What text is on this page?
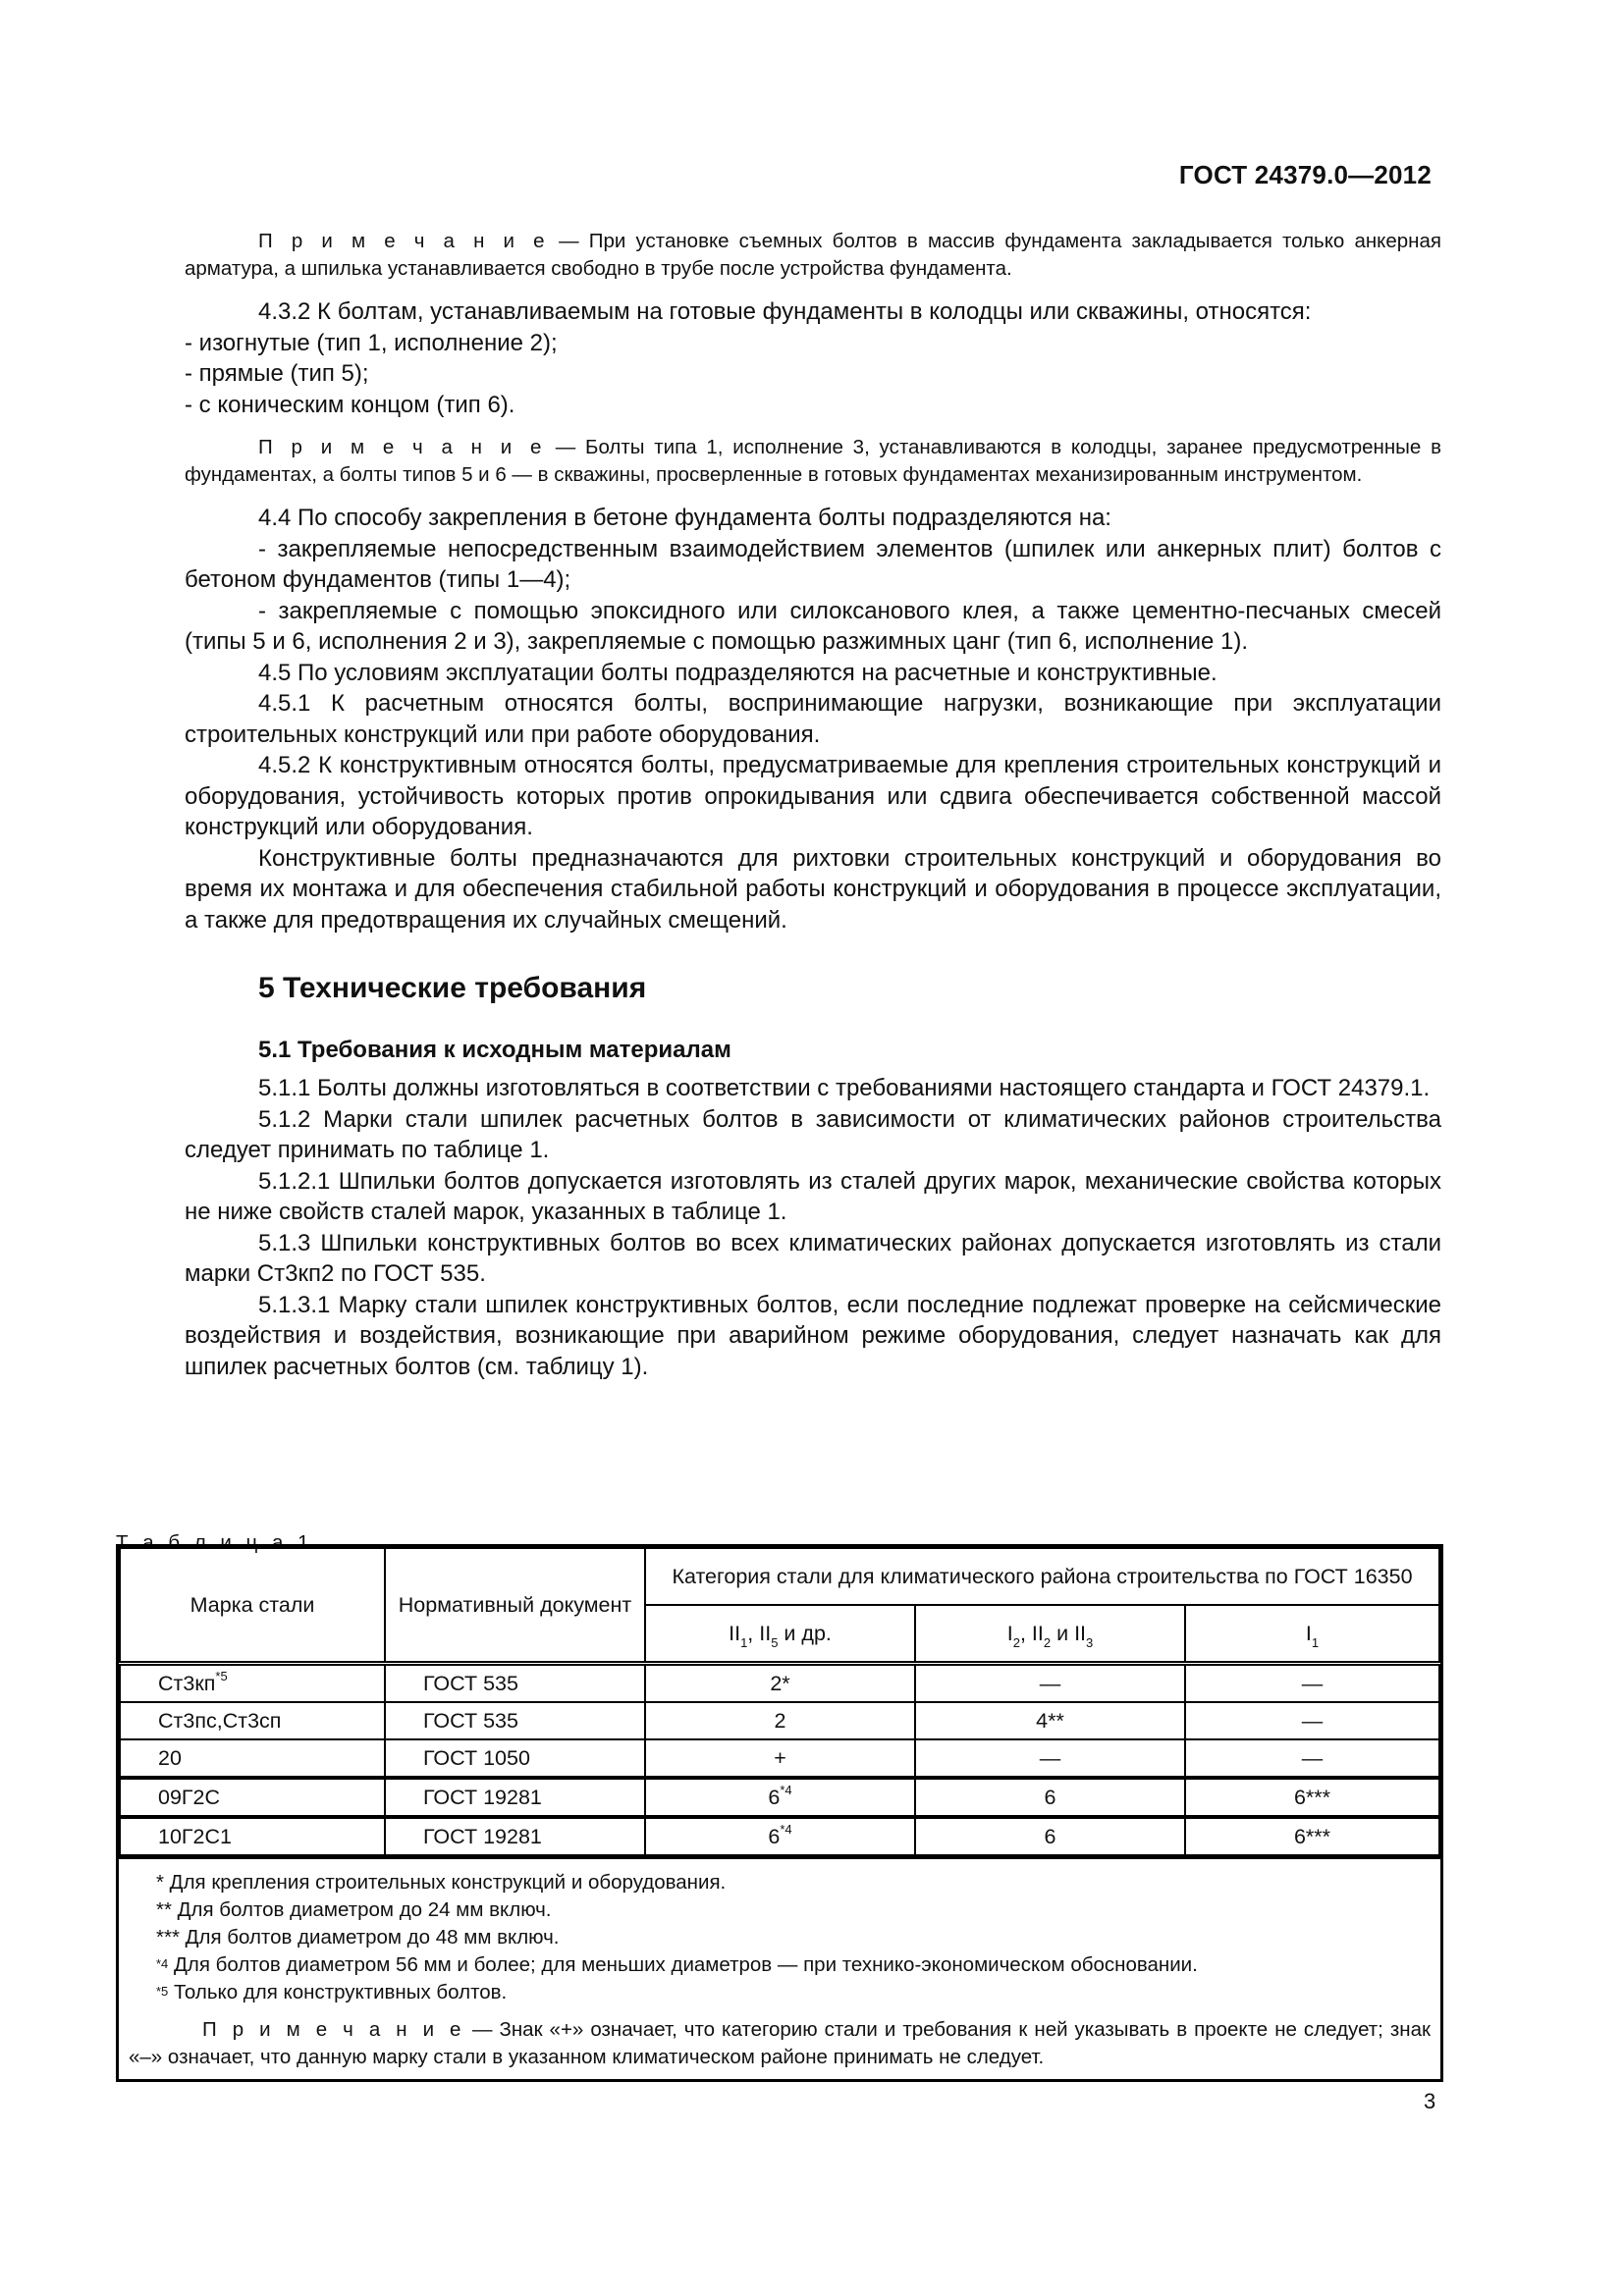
ГОСТ 24379.0—2012

П р и м е ч а н и е — При установке съемных болтов в массив фундамента закладывается только анкерная арматура, а шпилька устанавливается свободно в трубе после устройства фундамента.

4.3.2 К болтам, устанавливаемым на готовые фундаменты в колодцы или скважины, относятся:

- изогнутые (тип 1, исполнение 2);

- прямые (тип 5);

- с коническим концом (тип 6).

П р и м е ч а н и е — Болты типа 1, исполнение 3, устанавливаются в колодцы, заранее предусмотренные в фундаментах, а болты типов 5 и 6 — в скважины, просверленные в готовых фундаментах механизированным инструментом.

4.4 По способу закрепления в бетоне фундамента болты подразделяются на:

- закрепляемые непосредственным взаимодействием элементов (шпилек или анкерных плит) болтов с бетоном фундаментов (типы 1—4);

- закрепляемые с помощью эпоксидного или силоксанового клея, а также цементно-песчаных смесей (типы 5 и 6, исполнения 2 и 3), закрепляемые с помощью разжимных цанг (тип 6, исполнение 1).

4.5 По условиям эксплуатации болты подразделяются на расчетные и конструктивные.

4.5.1 К расчетным относятся болты, воспринимающие нагрузки, возникающие при эксплуатации строительных конструкций или при работе оборудования.

4.5.2 К конструктивным относятся болты, предусматриваемые для крепления строительных конструкций и оборудования, устойчивость которых против опрокидывания или сдвига обеспечивается собственной массой конструкций или оборудования.

Конструктивные болты предназначаются для рихтовки строительных конструкций и оборудования во время их монтажа и для обеспечения стабильной работы конструкций и оборудования в процессе эксплуатации, а также для предотвращения их случайных смещений.

5 Технические требования
5.1 Требования к исходным материалам

5.1.1 Болты должны изготовляться в соответствии с требованиями настоящего стандарта и ГОСТ 24379.1.

5.1.2 Марки стали шпилек расчетных болтов в зависимости от климатических районов строительства следует принимать по таблице 1.

5.1.2.1 Шпильки болтов допускается изготовлять из сталей других марок, механические свойства которых не ниже свойств сталей марок, указанных в таблице 1.

5.1.3 Шпильки конструктивных болтов во всех климатических районах допускается изготовлять из стали марки Ст3кп2 по ГОСТ 535.

5.1.3.1 Марку стали шпилек конструктивных болтов, если последние подлежат проверке на сейсмические воздействия и воздействия, возникающие при аварийном режиме оборудования, следует назначать как для шпилек расчетных болтов (см. таблицу 1).

Т а б л и ц а 1
Марка стали	Нормативный документ	Категория стали для климатического района строительства по ГОСТ 16350		
		$II_1$, $II_5$ и др.	$I_2$, $II_2$ и $II_3$	$I_1$
$Ст3кп^{*5}$	ГОСТ 535	2*	—	—
Ст3пс,Ст3сп	ГОСТ 535	2	4**	—
20	ГОСТ 1050	+	—	—
09Г2С	ГОСТ 19281	6$^{*4}$	6	6***
10Г2С1	ГОСТ 19281	6$^{*4}$	6	6***
* Для крепления строительных конструкций и оборудования.
** Для болтов диаметром до 24 мм включ.
*** Для болтов диаметром до 48 мм включ.
$^{*4}$ Для болтов диаметром 56 мм и более; для меньших диаметров — при технико-экономическом обосновании.
$^{*5}$ Только для конструктивных болтов.

П р и м е ч а н и е — Знак «+» означает, что категорию стали и требования к ней указывать в проекте не следует; знак «–» означает, что данную марку стали в указанном климатическом районе принимать не следует.

3
